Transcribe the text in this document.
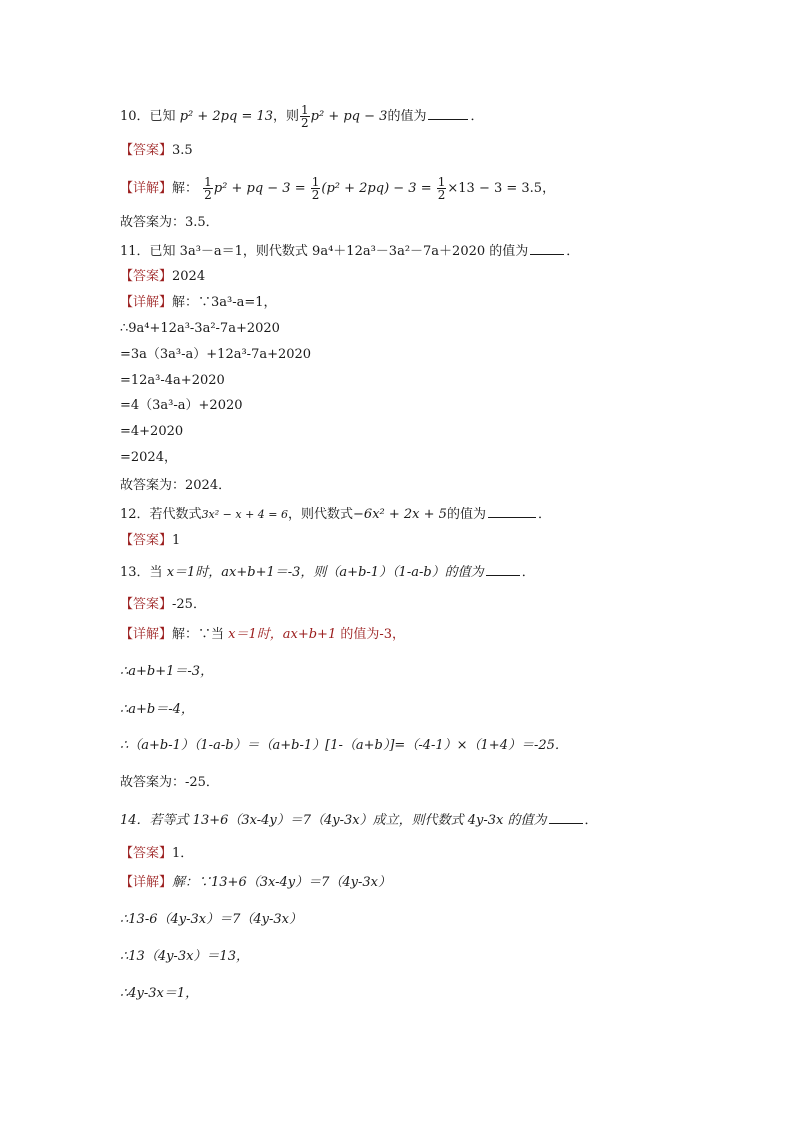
10．已知 p² + 2pq = 13，则 $\frac{1}{2} p^2$ + pq − 3的值为	．
【答案】3.5
【详解】解： $\frac{1}{2} p^2$ + pq − $3 = \frac{1}{2} (p^2 + 2pq) - 3 = \frac{1}{2} \times 13 - 3 = 3.5$，
故答案为：3.5．
11．已知 3a³－a＝1，则代数式 9a⁴＋12a³－3a²－7a＋2020 的值为	．
【答案】2024
【详解】解：∵3a³-a=1，
∴9a⁴+12a³-3a²-7a+2020
=3a（3a³-a）+12a³-7a+2020
=12a³-4a+2020
=4（3a³-a）+2020
=4+2020
=2024，
故答案为：2024．
12．若代数式3x² − x + 4 = 6，则代数式−6x² + 2x + 5的值为	．
【答案】1
13．当 x＝1时，ax+b+1＝-3，则（a+b-1）（1-a-b）的值为	．
【答案】-25．
【详解】解：∵当 x＝1时，ax+b+1 的值为-3，
∴a+b+1＝-3，
∴a+b＝-4，
∴（a+b-1）（1-a-b）＝（a+b-1）[1-（a+b）]=（-4-1）×（1+4）＝-25．
故答案为：-25．
14．若等式 13+6（3x-4y）＝7（4y-3x）成立，则代数式 4y-3x 的值为	．
【答案】1．
【详解】解：∵13+6（3x-4y）＝7（4y-3x）
∴13-6（4y-3x）＝7（4y-3x）
∴13（4y-3x）＝13，
∴4y-3x＝1，
